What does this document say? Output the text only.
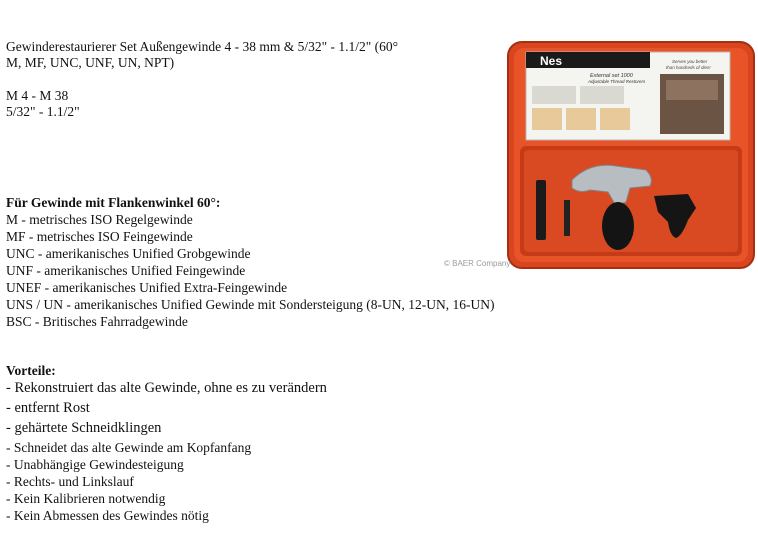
Gewinderestaurierer Set Außengewinde 4 - 38 mm & 5/32" - 1.1/2" (60°
M, MF, UNC, UNF, UN, NPT)
M 4 - M 38
5/32" - 1.1/2"
Für Gewinde mit Flankenwinkel 60°:
M - metrisches ISO Regelgewinde
MF - metrisches ISO Feingewinde
UNC - amerikanisches Unified Grobgewinde
UNF - amerikanisches Unified Feingewinde
UNEF - amerikanisches Unified Extra-Feingewinde
UNS / UN - amerikanisches Unified Gewinde mit Sondersteigung (8-UN, 12-UN, 16-UN)
BSC - Britisches Fahrradgewinde
Vorteile:
- Rekonstruiert das alte Gewinde, ohne es zu verändern
- entfernt Rost
- gehärtete Schneidklingen
- Schneidet das alte Gewinde am Kopfanfang
- Unabhängige Gewindesteigung
- Rechts- und Linkslauf
- Kein Kalibrieren notwendig
- Kein Abmessen des Gewindes nötig
Nes
External set 1000
Adjustable Thread Restorers
Serves you better
than hundreds of dies!
© BAER Company
